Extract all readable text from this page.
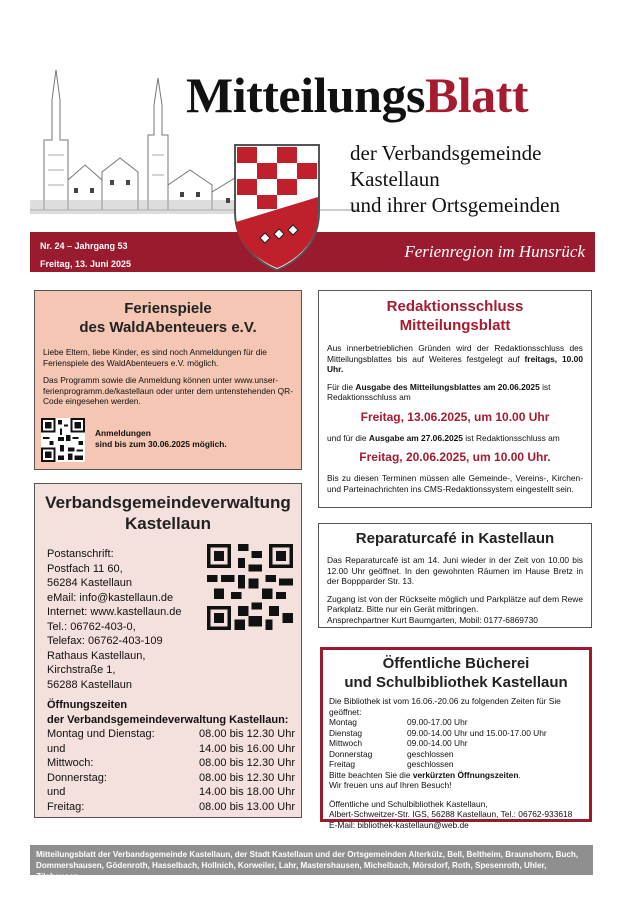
MitteilungsBlatt
der Verbandsgemeinde
Kastellaun
und ihrer Ortsgemeinden
Nr. 24 – Jahrgang 53
Freitag, 13. Juni 2025
Ferienregion im Hunsrück
Ferienspiele
des WaldAbenteuers e.V.

Liebe Eltern, liebe Kinder, es sind noch Anmeldungen für die Ferienspiele des WaldAbenteuers e.V. möglich.

Das Programm sowie die Anmeldung können unter www.unser-ferienprogramm.de/kastellaun oder unter dem untenstehenden QR-Code eingesehen werden.

Anmeldungen
sind bis zum 30.06.2025 möglich.
Redaktionsschluss
Mitteilungsblatt

Aus innerbetrieblichen Gründen wird der Redaktionsschluss des Mitteilungsblattes bis auf Weiteres festgelegt auf freitags, 10.00 Uhr.

Für die Ausgabe des Mitteilungsblattes am 20.06.2025 ist Redaktionsschluss am

Freitag, 13.06.2025, um 10.00 Uhr

und für die Ausgabe am 27.06.2025 ist Redaktionsschluss am

Freitag, 20.06.2025, um 10.00 Uhr.

Bis zu diesen Terminen müssen alle Gemeinde-, Vereins-, Kirchen- und Parteinachrichten ins CMS-Redaktionssystem eingestellt sein.

Verbandsgemeindeverwaltung
Kastellaun
Postanschrift:
Postfach 11 60,
56284 Kastellaun
eMail: info@kastellaun.de
Internet: www.kastellaun.de
Tel.: 06762-403-0,
Telefax: 06762-403-109
Rathaus Kastellaun,
Kirchstraße 1,
56288 Kastellaun
Öffnungszeiten
der Verbandsgemeindeverwaltung Kastellaun:
Montag und Dienstag:	08.00 bis 12.30 Uhr
und	14.00 bis 16.00 Uhr
Mittwoch:	08.00 bis 12.30 Uhr
Donnerstag:	08.00 bis 12.30 Uhr
und	14.00 bis 18.00 Uhr
Freitag:	08.00 bis 13.00 Uhr
Reparaturcafé in Kastellaun

Das Reparaturcafé ist am 14. Juni wieder in der Zeit von 10.00 bis 12.00 Uhr geöffnet. In den gewohnten Räumen im Hause Bretz in der Boppparder Str. 13.

Zugang ist von der Rückseite möglich und Parkplätze auf dem Rewe Parkplatz. Bitte nur ein Gerät mitbringen.
Ansprechpartner Kurt Baumgarten, Mobil: 0177-6869730
Öffentliche Bücherei
und Schulbibliothek Kastellaun
Die Bibliothek ist vom 16.06.-20.06 zu folgenden Zeiten für Sie geöffnet:
Montag	09.00-17.00 Uhr
Dienstag	09.00-14.00 Uhr und 15.00-17.00 Uhr
Mittwoch	09.00-14.00 Uhr
Donnerstag	geschlossen
Freitag	geschlossen
Bitte beachten Sie die verkürzten Öffnungszeiten.
Wir freuen uns auf Ihren Besuch!
Öffentliche und Schulbibliothek Kastellaun,
Albert-Schweitzer-Str. IGS, 56288 Kastellaun, Tel.: 06762-933618
E-Mail: bibliothek-kastellaun@web.de
Mitteilungsblatt der Verbandsgemeinde Kastellaun, der Stadt Kastellaun und der Ortsgemeinden Alterkülz, Bell, Beltheim, Braunshorn, Buch, Dommershausen, Gödenroth, Hasselbach, Hollnich, Korweiler, Lahr, Mastershausen, Michelbach, Mörsdorf, Roth, Spesenroth, Uhler, Zilshausen
